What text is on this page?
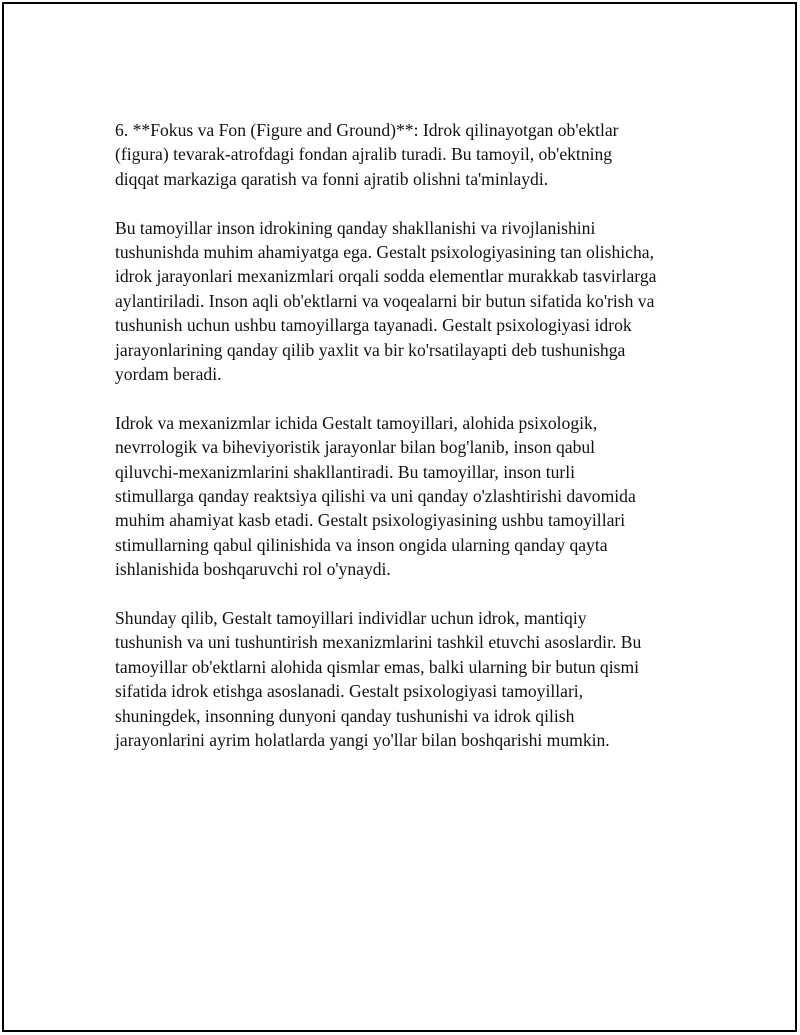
6. **Fokus va Fon (Figure and Ground)**: Idrok qilinayotgan ob'ektlar
(figura) tevarak-atrofdagi fondan ajralib turadi. Bu tamoyil, ob'ektning
diqqat markaziga qaratish va fonni ajratib olishni ta'minlaydi.

Bu tamoyillar inson idrokining qanday shakllanishi va rivojlanishini
tushunishda muhim ahamiyatga ega. Gestalt psixologiyasining tan olishicha,
idrok jarayonlari mexanizmlari orqali sodda elementlar murakkab tasvirlarga
aylantiriladi. Inson aqli ob'ektlarni va voqealarni bir butun sifatida ko'rish va
tushunish uchun ushbu tamoyillarga tayanadi. Gestalt psixologiyasi idrok
jarayonlarining qanday qilib yaxlit va bir ko'rsatilayapti deb tushunishga
yordam beradi.

Idrok va mexanizmlar ichida Gestalt tamoyillari, alohida psixologik,
nevrrologik va biheviyoristik jarayonlar bilan bog'lanib, inson qabul
qiluvchi-mexanizmlarini shakllantiradi. Bu tamoyillar, inson turli
stimullarga qanday reaktsiya qilishi va uni qanday o'zlashtirishi davomida
muhim ahamiyat kasb etadi. Gestalt psixologiyasining ushbu tamoyillari
stimullarning qabul qilinishida va inson ongida ularning qanday qayta
ishlanishida boshqaruvchi rol o'ynaydi.

Shunday qilib, Gestalt tamoyillari individlar uchun idrok, mantiqiy
tushunish va uni tushuntirish mexanizmlarini tashkil etuvchi asoslardir. Bu
tamoyillar ob'ektlarni alohida qismlar emas, balki ularning bir butun qismi
sifatida idrok etishga asoslanadi. Gestalt psixologiyasi tamoyillari,
shuningdek, insonning dunyoni qanday tushunishi va idrok qilish
jarayonlarini ayrim holatlarda yangi yo'llar bilan boshqarishi mumkin.
